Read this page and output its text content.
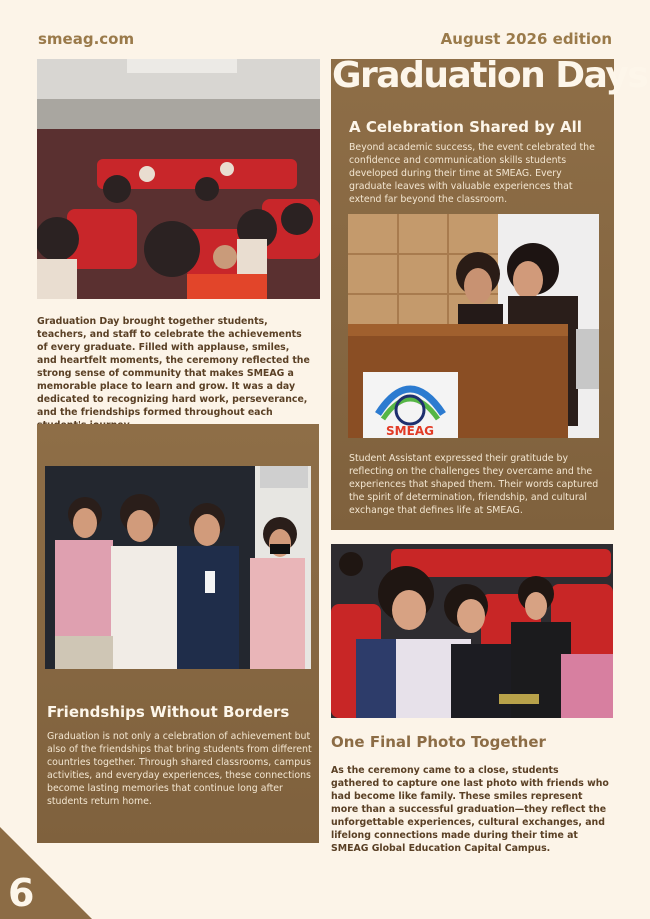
smeag.com	August 2026 edition
Graduation Day brought together students, teachers, and staff to celebrate the achievements of every graduate. Filled with applause, smiles, and heartfelt moments, the ceremony reflected the strong sense of community that makes SMEAG a memorable place to learn and grow. It was a day dedicated to recognizing hard work, perseverance, and the friendships formed throughout each
Graduation Days
A Celebration Shared by All
Beyond academic success, the event celebrated the confidence and communication skills students developed during their time at SMEAG. Every graduate leaves with valuable experiences that extend far beyond the classroom.
SMEAG
Student Assistant expressed their gratitude by reflecting on the challenges they overcame and the experiences that shaped them. Their words captured the spirit of determination, friendship, and cultural exchange that defines life at SMEAG.
Friendships Without Borders
Graduation is not only a celebration of achievement but also of the friendships that bring students from different countries together. Through shared classrooms, campus activities, and everyday experiences, these connections become lasting memories that continue long after students return home.
One Final Photo Together
As the ceremony came to a close, students gathered to capture one last photo with friends who had become like family. These smiles represent more than a successful graduation—they reflect the unforgettable experiences, cultural exchanges, and lifelong connections made during their time at SMEAG Global Education Capital Campus.
6
